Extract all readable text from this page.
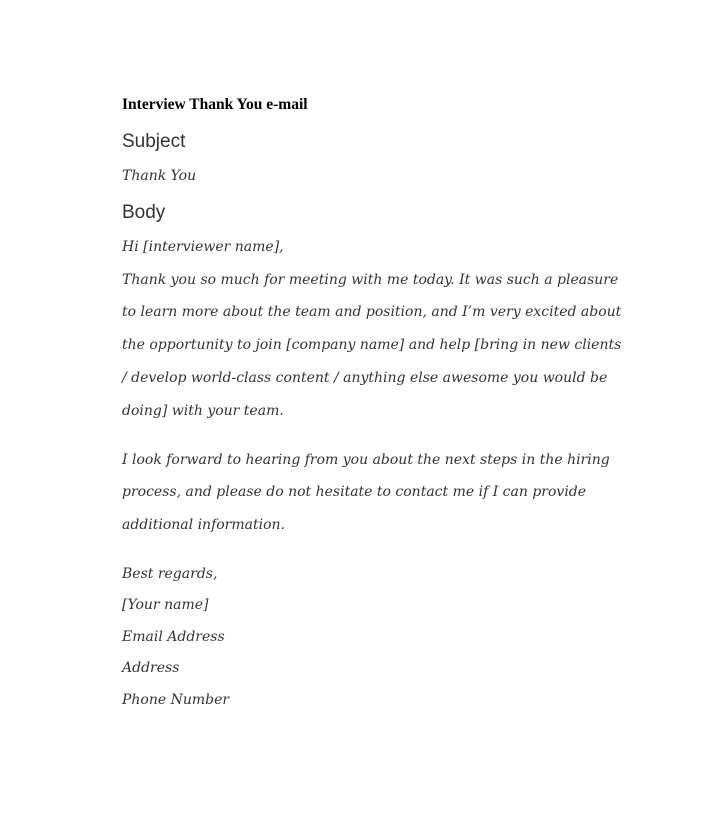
Interview Thank You e-mail
Subject
Thank You
Body
Hi [interviewer name],
Thank you so much for meeting with me today. It was such a pleasure
to learn more about the team and position, and I’m very excited about
the opportunity to join [company name] and help [bring in new clients
/ develop world-class content / anything else awesome you would be
doing] with your team.
I look forward to hearing from you about the next steps in the hiring
process, and please do not hesitate to contact me if I can provide
additional information.
Best regards,
[Your name]
Email Address
Address
Phone Number
